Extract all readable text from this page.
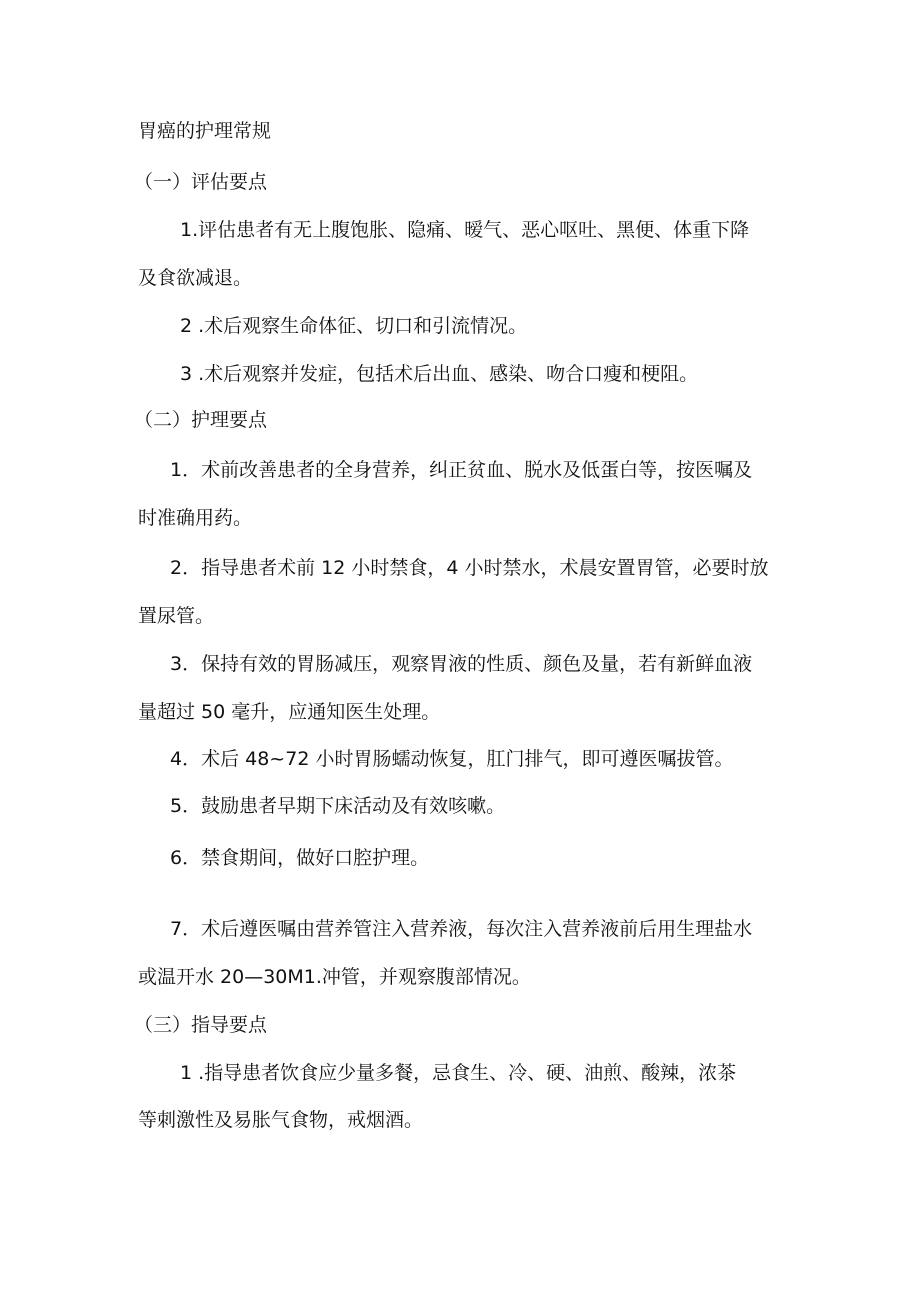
胃癌的护理常规
（一）评估要点
1.评估患者有无上腹饱胀、隐痛、暧气、恶心呕吐、黑便、体重下降
及食欲减退。
2 .术后观察生命体征、切口和引流情况。
3 .术后观察并发症，包括术后出血、感染、吻合口瘦和梗阻。
（二）护理要点
1．术前改善患者的全身营养，纠正贫血、脱水及低蛋白等，按医嘱及
时准确用药。
2．指导患者术前 12 小时禁食，4 小时禁水，术晨安置胃管，必要时放
置尿管。
3．保持有效的胃肠减压，观察胃液的性质、颜色及量，若有新鲜血液
量超过 50 毫升，应通知医生处理。
4．术后 48~72 小时胃肠蠕动恢复，肛门排气，即可遵医嘱拔管。
5．鼓励患者早期下床活动及有效咳嗽。
6．禁食期间，做好口腔护理。
7．术后遵医嘱由营养管注入营养液，每次注入营养液前后用生理盐水
或温开水 20—30M1.冲管，并观察腹部情况。
（三）指导要点
1 .指导患者饮食应少量多餐，忌食生、冷、硬、油煎、酸辣，浓茶
等刺激性及易胀气食物，戒烟酒。
